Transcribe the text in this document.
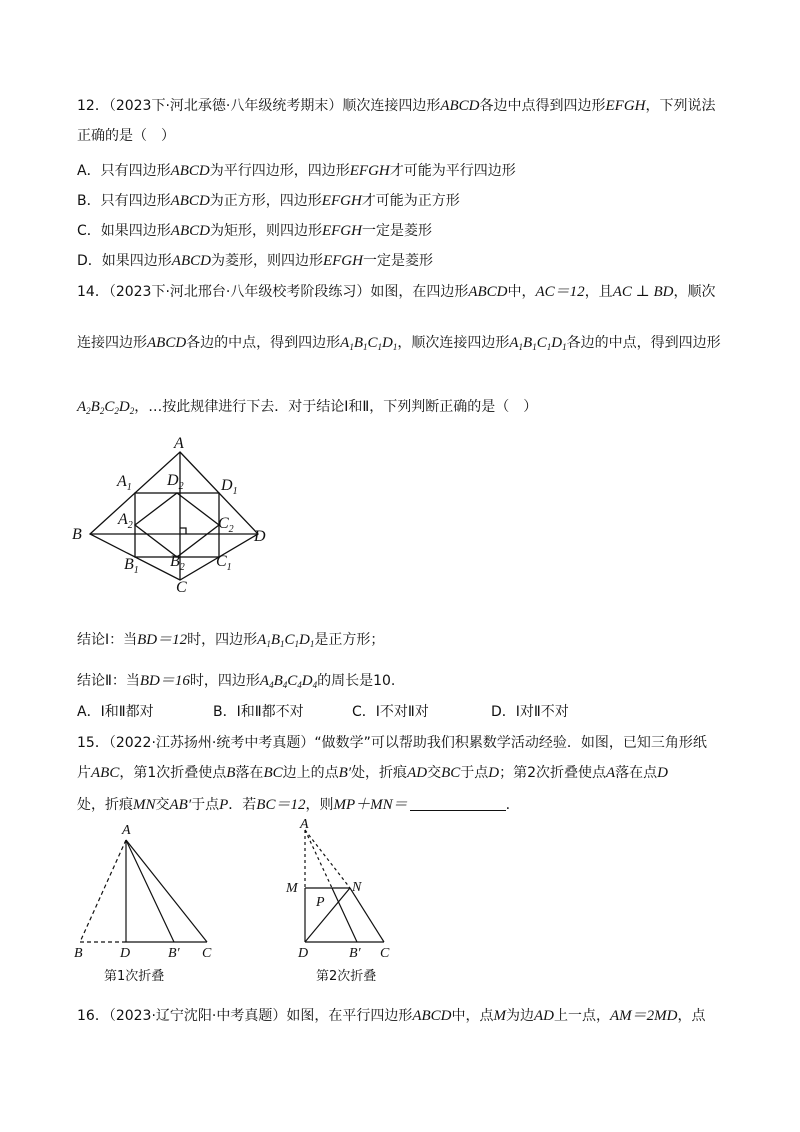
12．（2023下·河北承德·八年级统考期末）顺次连接四边形ABCD各边中点得到四边形EFGH，下列说法
正确的是（　）
A．只有四边形ABCD为平行四边形，四边形EFGH才可能为平行四边形
B．只有四边形ABCD为正方形，四边形EFGH才可能为正方形
C．如果四边形ABCD为矩形，则四边形EFGH一定是菱形
D．如果四边形ABCD为菱形，则四边形EFGH一定是菱形
14．（2023下·河北邢台·八年级校考阶段练习）如图，在四边形ABCD中，AC＝12，且AC ⊥ BD，顺次
连接四边形ABCD各边的中点，得到四边形$A_1B_1C_1D_1$，顺次连接四边形$A_1B_1C_1D_1$各边的中点，得到四边形
$A_2B_2C_2D_2$，…按此规律进行下去．对于结论Ⅰ和Ⅱ，下列判断正确的是（　）
A
B
C
D
$A_1$
$B_1$
$C_1$
$D_1$
$A_2$
$B_2$
$C_2$
$D_2$
结论Ⅰ：当BD＝12时，四边形$A_1B_1C_1D_1$是正方形；
结论Ⅱ：当BD＝16时，四边形$A_4B_4C_4D_4$的周长是10.
A．Ⅰ和Ⅱ都对	B．Ⅰ和Ⅱ都不对	C．Ⅰ不对Ⅱ对	D．Ⅰ对Ⅱ不对
15．（2022·江苏扬州·统考中考真题）“做数学”可以帮助我们积累数学活动经验．如图，已知三角形纸
片ABC，第1次折叠使点B落在BC边上的点B′处，折痕AD交BC于点D；第2次折叠使点A落在点D
处，折痕MN交AB′于点P．若BC＝12，则MP＋MN＝	.
A
B	D	B′ C
第1次折叠
A
M	N
P
D	B′ C
第2次折叠
16．（2023·辽宁沈阳·中考真题）如图，在平行四边形ABCD中，点M为边AD上一点，AM＝2MD，点
